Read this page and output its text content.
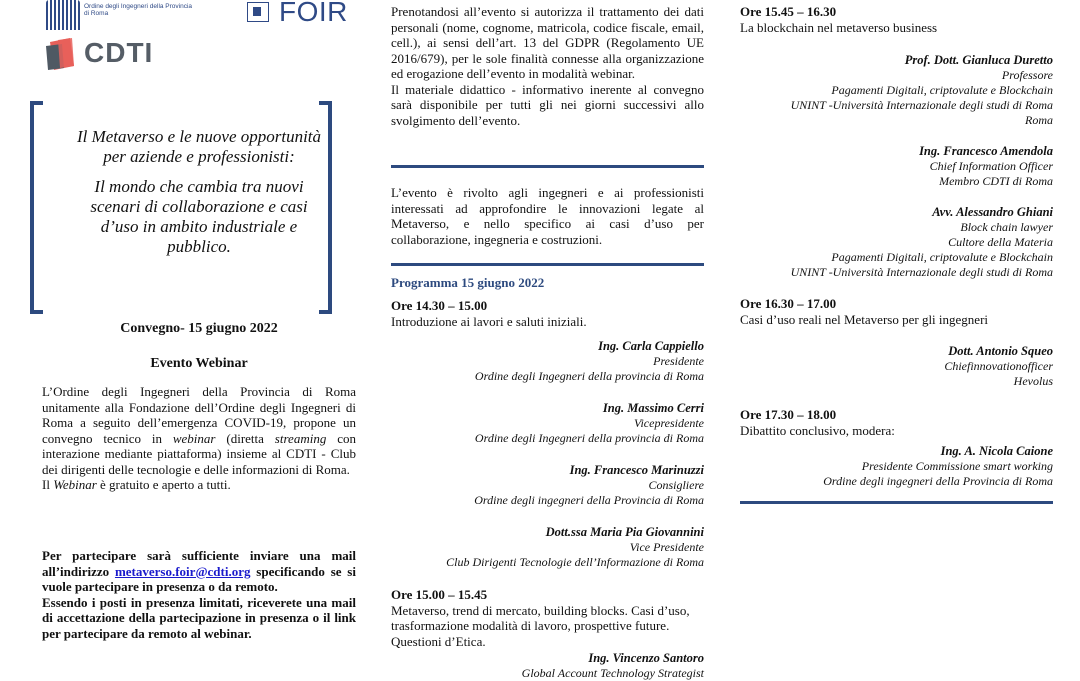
Ordine degli Ingegneri della Provincia di Roma	FOIR
CDTI

Il Metaverso e le nuove opportunità per aziende e professionisti:

Il mondo che cambia tra nuovi scenari di collaborazione e casi d’uso in ambito industriale e pubblico.

Convegno- 15 giugno 2022
Evento Webinar

L’Ordine degli Ingegneri della Provincia di Roma unitamente alla Fondazione dell’Ordine degli Ingegneri di Roma a seguito dell’emergenza COVID-19, propone un convegno tecnico in webinar (diretta streaming con interazione mediante piattaforma) insieme al CDTI - Club dei dirigenti delle tecnologie e delle informazioni di Roma.

Il Webinar è gratuito e aperto a tutti.

Per partecipare sarà sufficiente inviare una mail all’indirizzo metaverso.foir@cdti.org specificando se si vuole partecipare in presenza o da remoto.

Essendo i posti in presenza limitati, riceverete una mail di accettazione della partecipazione in presenza o il link per partecipare da remoto al webinar.

Prenotandosi all’evento si autorizza il trattamento dei dati personali (nome, cognome, matricola, codice fiscale, email, cell.), ai sensi dell’art. 13 del GDPR (Regolamento UE 2016/679), per le sole finalità connesse alla organizzazione ed erogazione dell’evento in modalità webinar.

Il materiale didattico - informativo inerente al convegno sarà disponibile per tutti gli nei giorni successivi allo svolgimento dell’evento.

L’evento è rivolto agli ingegneri e ai professionisti interessati ad approfondire le innovazioni legate al Metaverso, e nello specifico ai casi d’uso per collaborazione, ingegneria e costruzioni.

Programma 15 giugno 2022
Ore 14.30 – 15.00
Introduzione ai lavori e saluti iniziali.
Ing. Carla Cappiello
Presidente
Ordine degli Ingegneri della provincia di Roma
Ing. Massimo Cerri
Vicepresidente
Ordine degli Ingegneri della provincia di Roma
Ing. Francesco Marinuzzi
Consigliere
Ordine degli ingegneri della Provincia di Roma
Dott.ssa Maria Pia Giovannini
Vice Presidente
Club Dirigenti Tecnologie dell’Informazione di Roma
Ore 15.00 – 15.45
Metaverso, trend di mercato, building blocks. Casi d’uso, trasformazione modalità di lavoro, prospettive future. Questioni d’Etica.
Ing. Vincenzo Santoro
Global Account Technology Strategist
Ore 15.45 – 16.30
La blockchain nel metaverso business
Prof. Dott. Gianluca Duretto
Professore
Pagamenti Digitali, criptovalute e Blockchain
UNINT -Università Internazionale degli studi di Roma
Roma
Ing. Francesco Amendola
Chief Information Officer
Membro CDTI di Roma
Avv. Alessandro Ghiani
Block chain lawyer
Cultore della Materia
Pagamenti Digitali, criptovalute e Blockchain
UNINT -Università Internazionale degli studi di Roma
Ore 16.30 – 17.00
Casi d’uso reali nel Metaverso per gli ingegneri
Dott. Antonio Squeo
Chiefinnovationofficer
Hevolus
Ore 17.30 – 18.00
Dibattito conclusivo, modera:
Ing. A. Nicola Caione
Presidente Commissione smart working
Ordine degli ingegneri della Provincia di Roma
